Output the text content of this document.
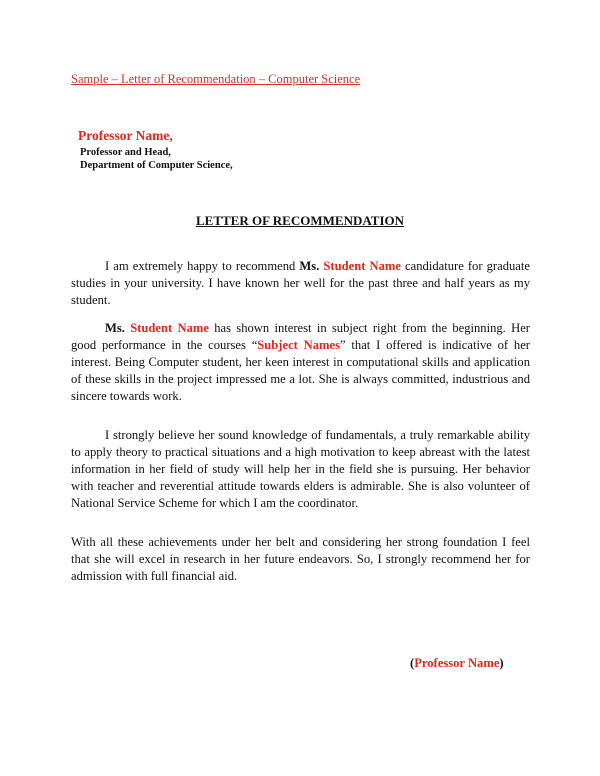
Sample – Letter of Recommendation – Computer Science
Professor Name,
Professor and Head,
Department of Computer Science,
LETTER OF RECOMMENDATION
I am extremely happy to recommend Ms. Student Name candidature for graduate studies in your university. I have known her well for the past three and half years as my student.
Ms. Student Name has shown interest in subject right from the beginning. Her good performance in the courses “Subject Names” that I offered is indicative of her interest. Being Computer student, her keen interest in computational skills and application of these skills in the project impressed me a lot. She is always committed, industrious and sincere towards work.
I strongly believe her sound knowledge of fundamentals, a truly remarkable ability to apply theory to practical situations and a high motivation to keep abreast with the latest information in her field of study will help her in the field she is pursuing. Her behavior with teacher and reverential attitude towards elders is admirable. She is also volunteer of National Service Scheme for which I am the coordinator.
With all these achievements under her belt and considering her strong foundation I feel that she will excel in research in her future endeavors. So, I strongly recommend her for admission with full financial aid.
(Professor Name)
